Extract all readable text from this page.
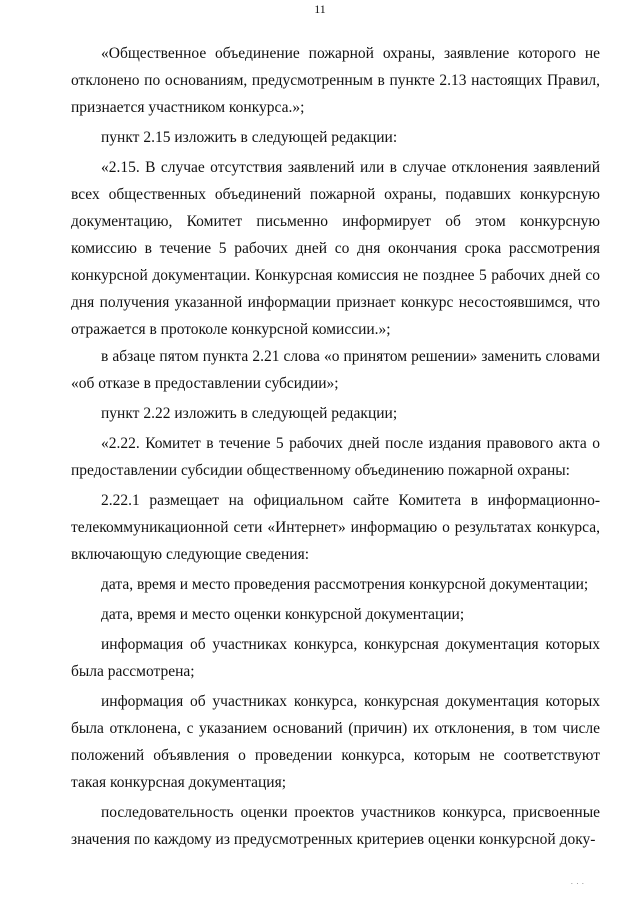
11

«Общественное объединение пожарной охраны, заявление которого не отклонено по основаниям, предусмотренным в пункте 2.13 настоящих Правил, признается участником конкурса.»;

пункт 2.15 изложить в следующей редакции:

«2.15. В случае отсутствия заявлений или в случае отклонения заявлений всех общественных объединений пожарной охраны, подавших конкурсную документацию, Комитет письменно информирует об этом конкурсную комиссию в течение 5 рабочих дней со дня окончания срока рассмотрения конкурсной документации. Конкурсная комиссия не позднее 5 рабочих дней со дня получения указанной информации признает конкурс несостоявшимся, что отражается в протоколе конкурсной комиссии.»;

в абзаце пятом пункта 2.21 слова «о принятом решении» заменить словами «об отказе в предоставлении субсидии»;

пункт 2.22 изложить в следующей редакции;

«2.22. Комитет в течение 5 рабочих дней после издания правового акта о предоставлении субсидии общественному объединению пожарной охраны:

2.22.1 размещает на официальном сайте Комитета в информационно-телекоммуникационной сети «Интернет» информацию о результатах конкурса, включающую следующие сведения:

дата, время и место проведения рассмотрения конкурсной документации;

дата, время и место оценки конкурсной документации;

информация об участниках конкурса, конкурсная документация которых была рассмотрена;

информация об участниках конкурса, конкурсная документация которых была отклонена, с указанием оснований (причин) их отклонения, в том числе положений объявления о проведении конкурса, которым не соответствуют такая конкурсная документация;

последовательность оценки проектов участников конкурса, присвоенные значения по каждому из предусмотренных критериев оценки конкурсной доку-

. . .
